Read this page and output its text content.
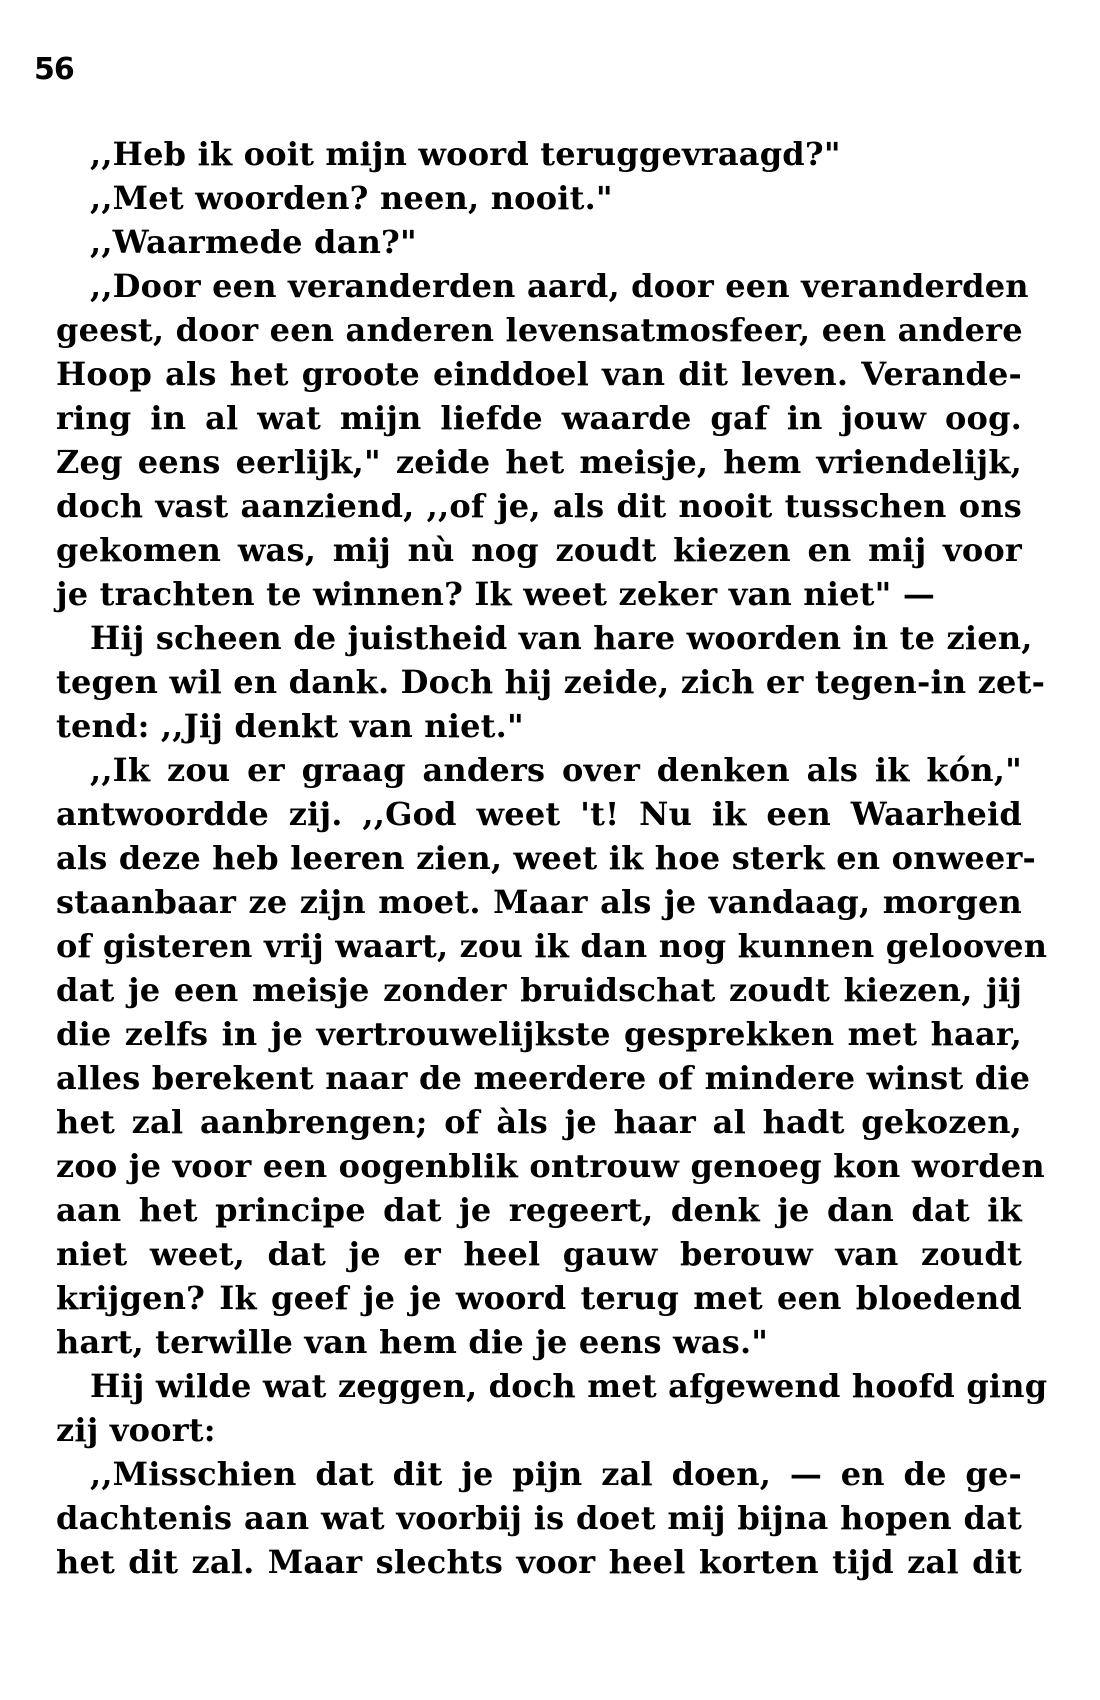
56
,,Heb ik ooit mijn woord teruggevraagd?"
,,Met woorden? neen, nooit."
,,Waarmede dan?"
,,Door een veranderden aard, door een veranderden
geest, door een anderen levensatmosfeer, een andere
Hoop als het groote einddoel van dit leven. Verande-
ring in al wat mijn liefde waarde gaf in jouw oog.
Zeg eens eerlijk," zeide het meisje, hem vriendelijk,
doch vast aanziend, ,,of je, als dit nooit tusschen ons
gekomen was, mij nù nog zoudt kiezen en mij voor
je trachten te winnen? Ik weet zeker van niet" —
Hij scheen de juistheid van hare woorden in te zien,
tegen wil en dank. Doch hij zeide, zich er tegen-in zet-
tend: ,,Jij denkt van niet."
,,Ik zou er graag anders over denken als ik kón,"
antwoordde zij. ,,God weet 't! Nu ik een Waarheid
als deze heb leeren zien, weet ik hoe sterk en onweer-
staanbaar ze zijn moet. Maar als je vandaag, morgen
of gisteren vrij waart, zou ik dan nog kunnen gelooven
dat je een meisje zonder bruidschat zoudt kiezen, jij
die zelfs in je vertrouwelijkste gesprekken met haar,
alles berekent naar de meerdere of mindere winst die
het zal aanbrengen; of àls je haar al hadt gekozen,
zoo je voor een oogenblik ontrouw genoeg kon worden
aan het principe dat je regeert, denk je dan dat ik
niet weet, dat je er heel gauw berouw van zoudt
krijgen? Ik geef je je woord terug met een bloedend
hart, terwille van hem die je eens was."
Hij wilde wat zeggen, doch met afgewend hoofd ging
zij voort:
,,Misschien dat dit je pijn zal doen, — en de ge-
dachtenis aan wat voorbij is doet mij bijna hopen dat
het dit zal. Maar slechts voor heel korten tijd zal dit
